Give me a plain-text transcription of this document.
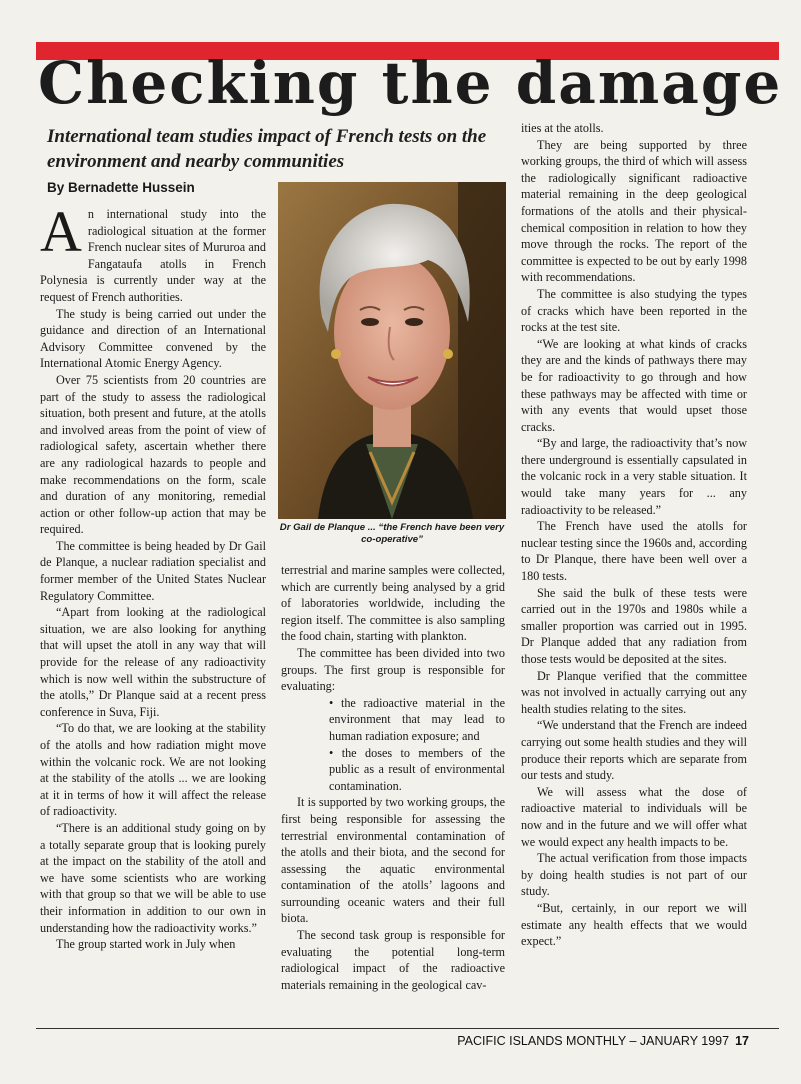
Checking the damage
International team studies impact of French tests on the environment and nearby communities
By Bernadette Hussein

An international study into the radiological situation at the former French nuclear sites of Mururoa and Fangataufa atolls in French Polynesia is currently under way at the request of French authorities.

The study is being carried out under the guidance and direction of an International Advisory Committee convened by the International Atomic Energy Agency.

Over 75 scientists from 20 countries are part of the study to assess the radiological situation, both present and future, at the atolls and involved areas from the point of view of radiological safety, ascertain whether there are any radiological hazards to people and make recommendations on the form, scale and duration of any monitoring, remedial action or other follow-up action that may be required.

The committee is being headed by Dr Gail de Planque, a nuclear radiation specialist and former member of the United States Nuclear Regulatory Committee.

“Apart from looking at the radiological situation, we are also looking for anything that will upset the atoll in any way that will provide for the release of any radioactivity which is now well within the substructure of the atolls,” Dr Planque said at a recent press conference in Suva, Fiji.

“To do that, we are looking at the stability of the atolls and how radiation might move within the volcanic rock. We are not looking at the stability of the atolls ... we are looking at it in terms of how it will affect the release of radioactivity.

“There is an additional study going on by a totally separate group that is looking purely at the impact on the stability of the atoll and we have some scientists who are working with that group so that we will be able to use their information in addition to our own in understanding how the radioactivity works.”

The group started work in July when

Dr Gail de Planque ... “the French have been very co-operative”

terrestrial and marine samples were collected, which are currently being analysed by a grid of laboratories worldwide, including the region itself. The committee is also sampling the food chain, starting with plankton.

The committee has been divided into two groups. The first group is responsible for evaluating:

• the radioactive material in the environment that may lead to human radiation exposure; and

• the doses to members of the public as a result of environmental contamination.

It is supported by two working groups, the first being responsible for assessing the terrestrial environmental contamination of the atolls and their biota, and the second for assessing the aquatic environmental contamination of the atolls’ lagoons and surrounding oceanic waters and their full biota.

The second task group is responsible for evaluating the potential long-term radiological impact of the radioactive materials remaining in the geological cav-

ities at the atolls.

They are being supported by three working groups, the third of which will assess the radiologically significant radioactive material remaining in the deep geological formations of the atolls and their physical-chemical composition in relation to how they move through the rocks. The report of the committee is expected to be out by early 1998 with recommendations.

The committee is also studying the types of cracks which have been reported in the rocks at the test site.

“We are looking at what kinds of cracks they are and the kinds of pathways there may be for radioactivity to go through and how these pathways may be affected with time or with any events that would upset those cracks.

“By and large, the radioactivity that’s now there underground is essentially capsulated in the volcanic rock in a very stable situation. It would take many years for ... any radioactivity to be released.”

The French have used the atolls for nuclear testing since the 1960s and, according to Dr Planque, there have been well over a 180 tests.

She said the bulk of these tests were carried out in the 1970s and 1980s while a smaller proportion was carried out in 1995. Dr Planque added that any radiation from those tests would be deposited at the sites.

Dr Planque verified that the committee was not involved in actually carrying out any health studies relating to the sites.

“We understand that the French are indeed carrying out some health studies and they will produce their reports which are separate from our tests and study.

We will assess what the dose of radioactive material to individuals will be now and in the future and we will offer what we would expect any health impacts to be.

The actual verification from those impacts by doing health studies is not part of our study.

“But, certainly, in our report we will estimate any health effects that we would expect.”

PACIFIC ISLANDS MONTHLY – JANUARY 1997 17
